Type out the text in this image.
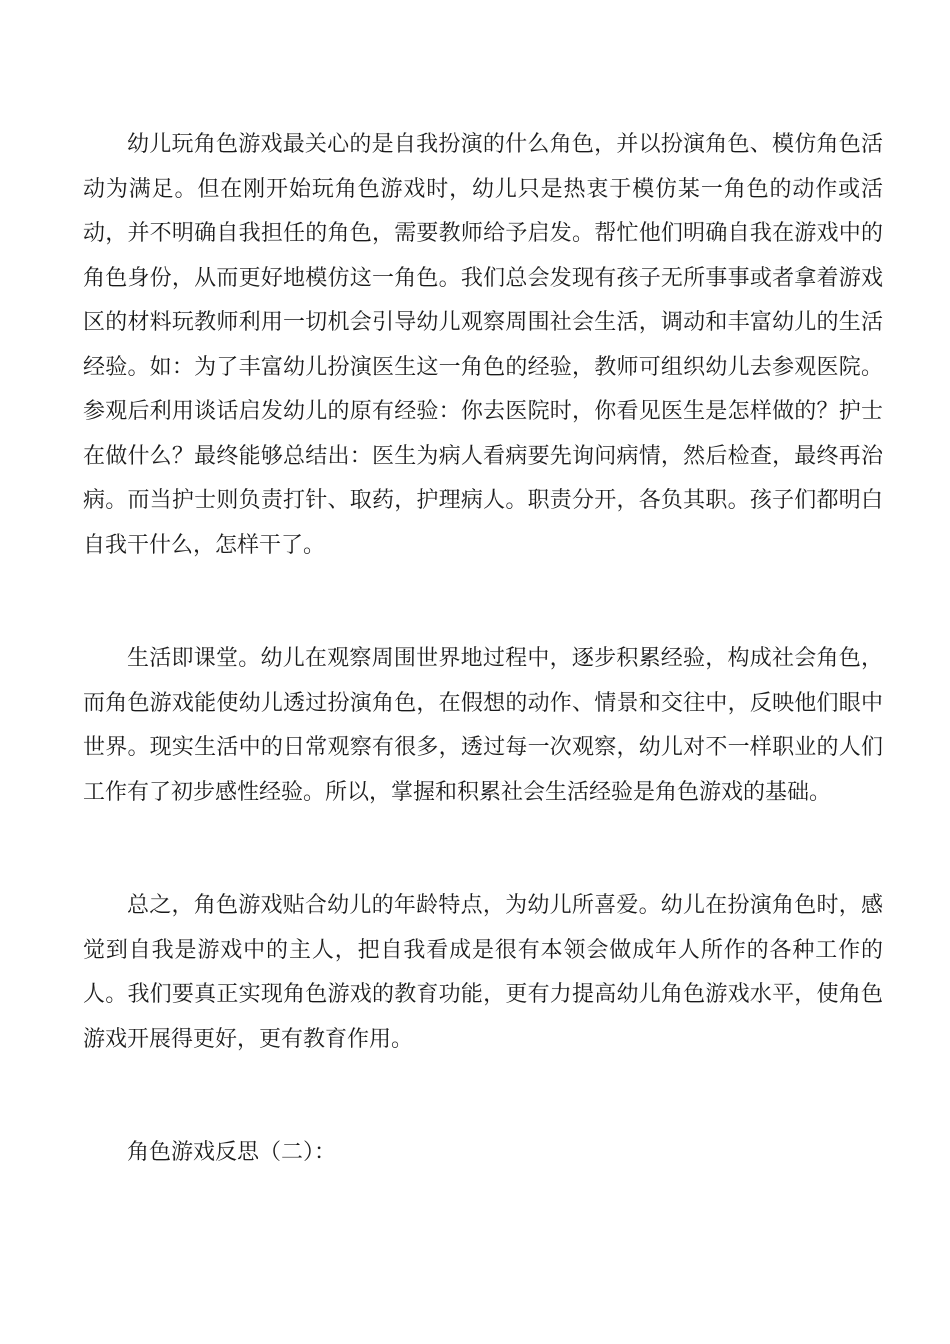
幼儿玩角色游戏最关心的是自我扮演的什么角色，并以扮演角色、模仿角色活动为满足。但在刚开始玩角色游戏时，幼儿只是热衷于模仿某一角色的动作或活动，并不明确自我担任的角色，需要教师给予启发。帮忙他们明确自我在游戏中的角色身份，从而更好地模仿这一角色。我们总会发现有孩子无所事事或者拿着游戏区的材料玩教师利用一切机会引导幼儿观察周围社会生活，调动和丰富幼儿的生活经验。如：为了丰富幼儿扮演医生这一角色的经验，教师可组织幼儿去参观医院。参观后利用谈话启发幼儿的原有经验：你去医院时，你看见医生是怎样做的？护士在做什么？最终能够总结出：医生为病人看病要先询问病情，然后检查，最终再治病。而当护士则负责打针、取药，护理病人。职责分开，各负其职。孩子们都明白自我干什么，怎样干了。

生活即课堂。幼儿在观察周围世界地过程中，逐步积累经验，构成社会角色，而角色游戏能使幼儿透过扮演角色，在假想的动作、情景和交往中，反映他们眼中世界。现实生活中的日常观察有很多，透过每一次观察，幼儿对不一样职业的人们工作有了初步感性经验。所以，掌握和积累社会生活经验是角色游戏的基础。

总之，角色游戏贴合幼儿的年龄特点，为幼儿所喜爱。幼儿在扮演角色时，感觉到自我是游戏中的主人，把自我看成是很有本领会做成年人所作的各种工作的人。我们要真正实现角色游戏的教育功能，更有力提高幼儿角色游戏水平，使角色游戏开展得更好，更有教育作用。

角色游戏反思（二）：
